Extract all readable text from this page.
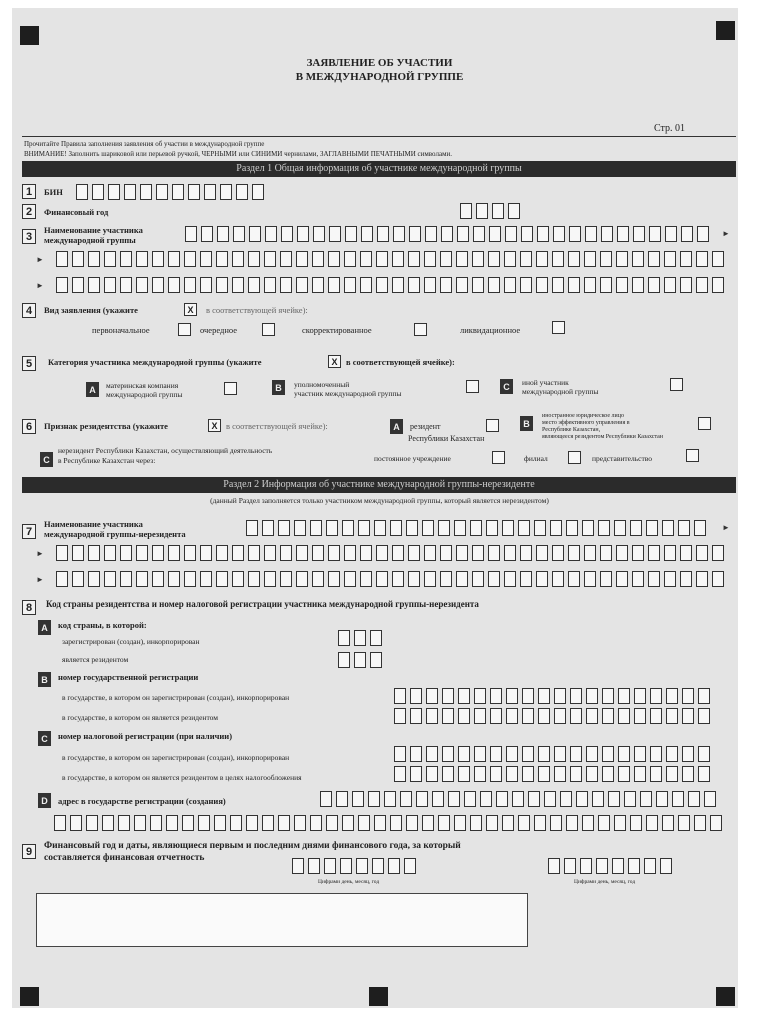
ЗАЯВЛЕНИЕ ОБ УЧАСТИИ
В МЕЖДУНАРОДНОЙ ГРУППЕ
Стр. 01
Прочитайте Правила заполнения заявления об участии в международной группе
ВНИМАНИЕ! Заполнить шариковой или перьевой ручкой, ЧЕРНЫМИ или СИНИМИ чернилами, ЗАГЛАВНЫМИ ПЕЧАТНЫМИ символами.
Раздел 1 Общая информация об участнике международной группы
1	БИН
2	Финансовый год
3
Наименование участника
международной группы
►
►
►
4	Вид заявления (укажите	X	в соответствующей ячейке):
первоначальное	очередное	скорректированное	ликвидационное
5	Категория участника международной группы (укажите	X	в соответствующей ячейке):
A	материнская компания
международной группы
B	уполномоченный
участник международной группы
C	иной участник
международной группы
6	Признак резидентства (укажите	X	в соответствующей ячейке):	A	резидент
Республики Казахстан
B
иностранное юридическое лицо
место эффективного управления в
Республике Казахстан,
являющееся резидентом Республики Казахстан
C
нерезидент Республики Казахстан, осуществляющий деятельность
в Республике Казахстан через:	постоянное учреждение	филиал	представительство
Раздел 2 Информация об участнике международной группы-нерезиденте
(данный Раздел заполняется только участником международной группы, который является нерезидентом)
7
Наименование участника
международной группы-нерезидента
►
►
►
8	Код страны резидентства и номер налоговой регистрации участника международной группы-нерезидента
A	код страны, в которой:
зарегистрирован (создан), инкорпорирован
является резидентом
B	номер государственной регистрации
в государстве, в котором он зарегистрирован (создан), инкорпорирован
в государстве, в котором он является резидентом
C	номер налоговой регистрации (при наличии)
в государстве, в котором он зарегистрирован (создан), инкорпорирован
в государстве, в котором он является резидентом в целях налогообложения
D	адрес в государстве регистрации (создания)
9	Финансовый год и даты, являющиеся первым и последним днями финансового года, за который
составляется финансовая отчетность
Цифрами день, месяц, год	Цифрами день, месяц, год
